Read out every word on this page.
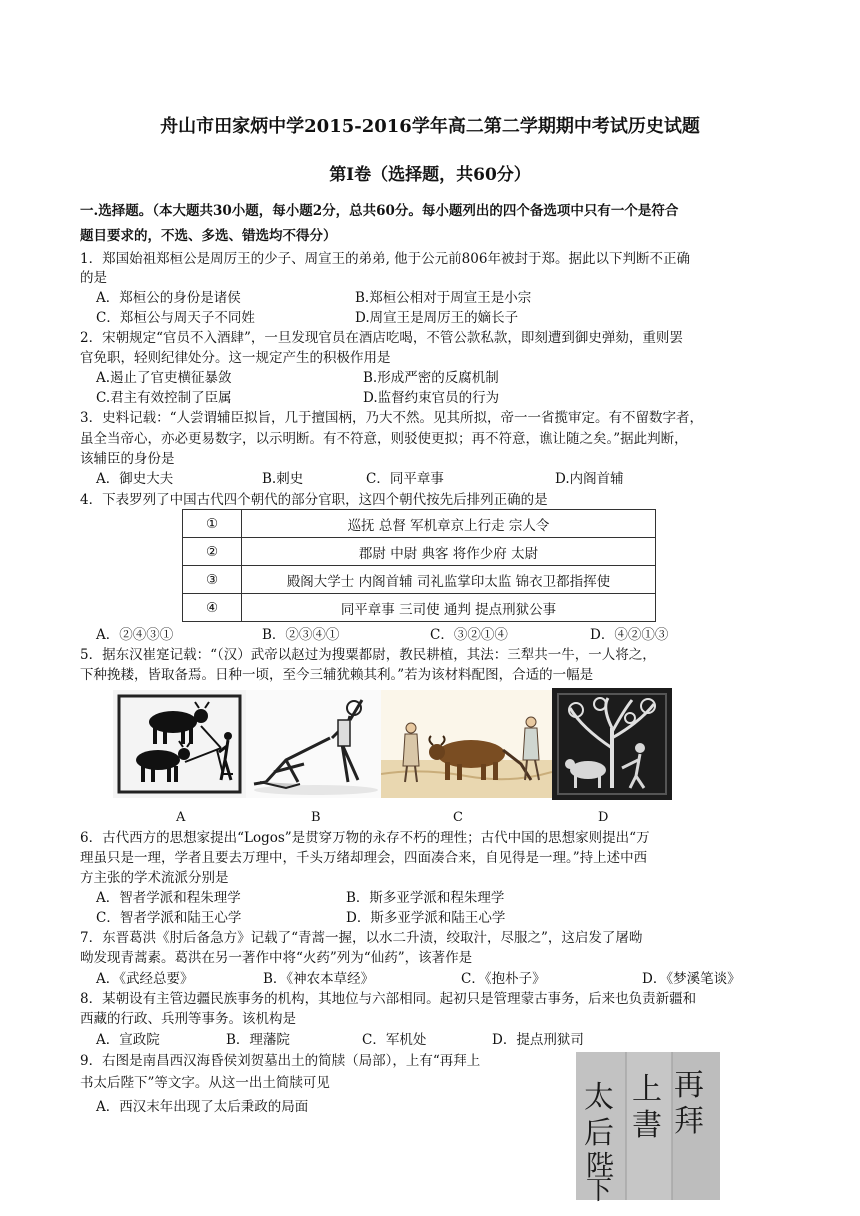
舟山市田家炳中学2015-2016学年高二第二学期期中考试历史试题
第Ⅰ卷（选择题，共60分）
一.选择题。（本大题共30小题，每小题2分，总共60分。每小题列出的四个备选项中只有一个是符合
题目要求的，不选、多选、错选均不得分）
1．郑国始祖郑桓公是周厉王的少子、周宣王的弟弟, 他于公元前806年被封于郑。据此以下判断不正确
的是
A．郑桓公的身份是诸侯	B.郑桓公相对于周宣王是小宗
C．郑桓公与周天子不同姓	D.周宣王是周厉王的嫡长子
2．宋朝规定“官员不入酒肆”，一旦发现官员在酒店吃喝，不管公款私款，即刻遭到御史弹劾，重则罢
官免职，轻则纪律处分。这一规定产生的积极作用是
A.遏止了官吏横征暴敛	B.形成严密的反腐机制
C.君主有效控制了臣属	D.监督约束官员的行为
3．史料记载：“人尝谓辅臣拟旨，几于擅国柄，乃大不然。见其所拟，帝一一省揽审定。有不留数字者，
虽全当帝心，亦必更易数字，以示明断。有不符意，则驳使更拟；再不符意，谯让随之矣。”据此判断，
该辅臣的身份是
A．御史大夫	B.刺史	C．同平章事	D.内阁首辅
4．下表罗列了中国古代四个朝代的部分官职，这四个朝代按先后排列正确的是
①	巡抚 总督 军机章京上行走 宗人令
②	郡尉 中尉 典客 将作少府 太尉
③	殿阁大学士 内阁首辅 司礼监掌印太监 锦衣卫都指挥使
④	同平章事 三司使 通判 提点刑狱公事
A．②④③①	B．②③④①	C．③②①④	D．④②①③
5．据东汉崔寔记载：“（汉）武帝以赵过为搜粟都尉，教民耕植，其法：三犁共一牛，一人将之，
下种挽耧，皆取备焉。日种一顷，至今三辅犹赖其利。”若为该材料配图，合适的一幅是
A	B	C	D
6．古代西方的思想家提出“Logos”是贯穿万物的永存不朽的理性；古代中国的思想家则提出“万
理虽只是一理，学者且要去万理中，千头万绪却理会，四面凑合来，自见得是一理。”持上述中西
方主张的学术流派分别是
A．智者学派和程朱理学	B．斯多亚学派和程朱理学
C．智者学派和陆王心学	D．斯多亚学派和陆王心学
7．东晋葛洪《肘后备急方》记载了“青蒿一握，以水二升渍，绞取汁，尽服之”，这启发了屠呦
呦发现青蒿素。葛洪在另一著作中将“火药”列为“仙药”，该著作是
A．《武经总要》	B．《神农本草经》	C．《抱朴子》	D．《梦溪笔谈》
8．某朝设有主管边疆民族事务的机构，其地位与六部相同。起初只是管理蒙古事务，后来也负责新疆和
西藏的行政、兵刑等事务。该机构是
A．宣政院	B．理藩院	C．军机处	D．提点刑狱司
9．右图是南昌西汉海昏侯刘贺墓出土的简牍（局部），上有“再拜上
书太后陛下”等文字。从这一出土简牍可见
A．西汉末年出现了太后秉政的局面
再
拜
上
書
太
后
陛
下
